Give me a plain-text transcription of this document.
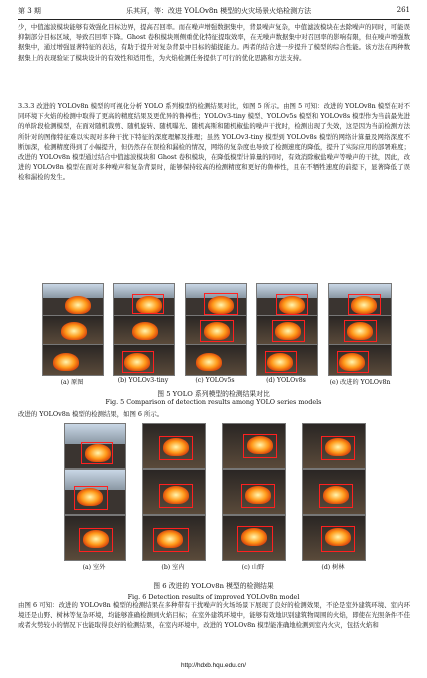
第 3 期	乐其河，等：改进 YOLOv8n 模型的火灾场景火焰检测方法	261
少，中值滤波模块能够有效强化目标边界，提高召回率。而在噪声增强数据集中，背景噪声复杂，中值滤波模块在去除噪声的同时，可能误抑制部分目标区域，导致召回率下降。Ghost 卷积模块则侧重优化特征提取效率，在无噪声数据集中对召回率的影响有限，但在噪声增强数据集中，通过增强显著特征的表达，有助于提升对复杂背景中目标的捕捉能力。两者的结合进一步提升了模型的综合性能。该方法在两种数据集上的表现验证了模块设计的有效性和适用性，为火焰检测任务提供了可行的优化思路和方法支持。
3.3.3 改进的 YOLOv8n 模型的可视化分析 YOLO 系列模型的检测结果对比，如图 5 所示。由图 5 可知：改进的 YOLOv8n 模型在对不同环境下火焰的检测中取得了更高的精度结果及更优异的鲁棒性；YOLOv3-tiny 模型、YOLOv5s 模型和 YOLOv8s 模型作为当前最先进的单阶段检测模型，在面对随机裁剪、随机旋转、随机曝光、随机高斯和随机椒盐的噪声干扰时，检测出现了失效，这是因为当前检测方法所针对的图像特征难以实现对多种干扰下特征的深度理解及推理；虽然 YOLOv3-tiny 模型到 YOLOv8s 模型的网络计算量及网络深度不断加深，检测精度得到了小幅提升，但仍然存在误检和漏检的情况，网络的复杂度也导致了检测速度的降低，提升了实际应用的部署难度；改进的 YOLOv8n 模型通过结合中值滤波模块和 Ghost 卷积模块，在降低模型计算量的同时，有效消除椒盐噪声等噪声的干扰，因此，改进的 YOLOv8n 模型在面对多种噪声和复杂背景时，能够保持较高的检测精度和更好的鲁棒性，且在不牺牲速度的前提下，显著降低了误检和漏检的发生。
(a) 原图	(b) YOLOv3-tiny	(c) YOLOv5s	(d) YOLOv8s	(e) 改进的 YOLOv8n
改进的 YOLOv8n 模型的检测结果，如图 6 所示。
(a) 室外	(b) 室内	(c) 山野	(d) 树林
图 6 改进的 YOLOv8n 模型的检测结果
Fig. 6 Detection results of improved YOLOv8n model
由图 6 可知：改进的 YOLOv8n 模型的检测结果在多种带有干扰噪声的火场场景下展现了良好的检测效果，不论是室外建筑环境、室内环境还是山野、树林等复杂环境，均能够准确检测到火焰目标；在室外建筑环境中，能够有效地识别建筑物周围的火焰，即使在光照条件不佳或者火势较小的情况下也能取得良好的检测结果，在室内环境中，改进的 YOLOv8n 模型能准确地检测到室内火灾，包括火焰和
http://hdxb.hqu.edu.cn/
图 5 YOLO 系列模型的检测结果对比
Fig. 5 Comparison of detection results among YOLO series models
